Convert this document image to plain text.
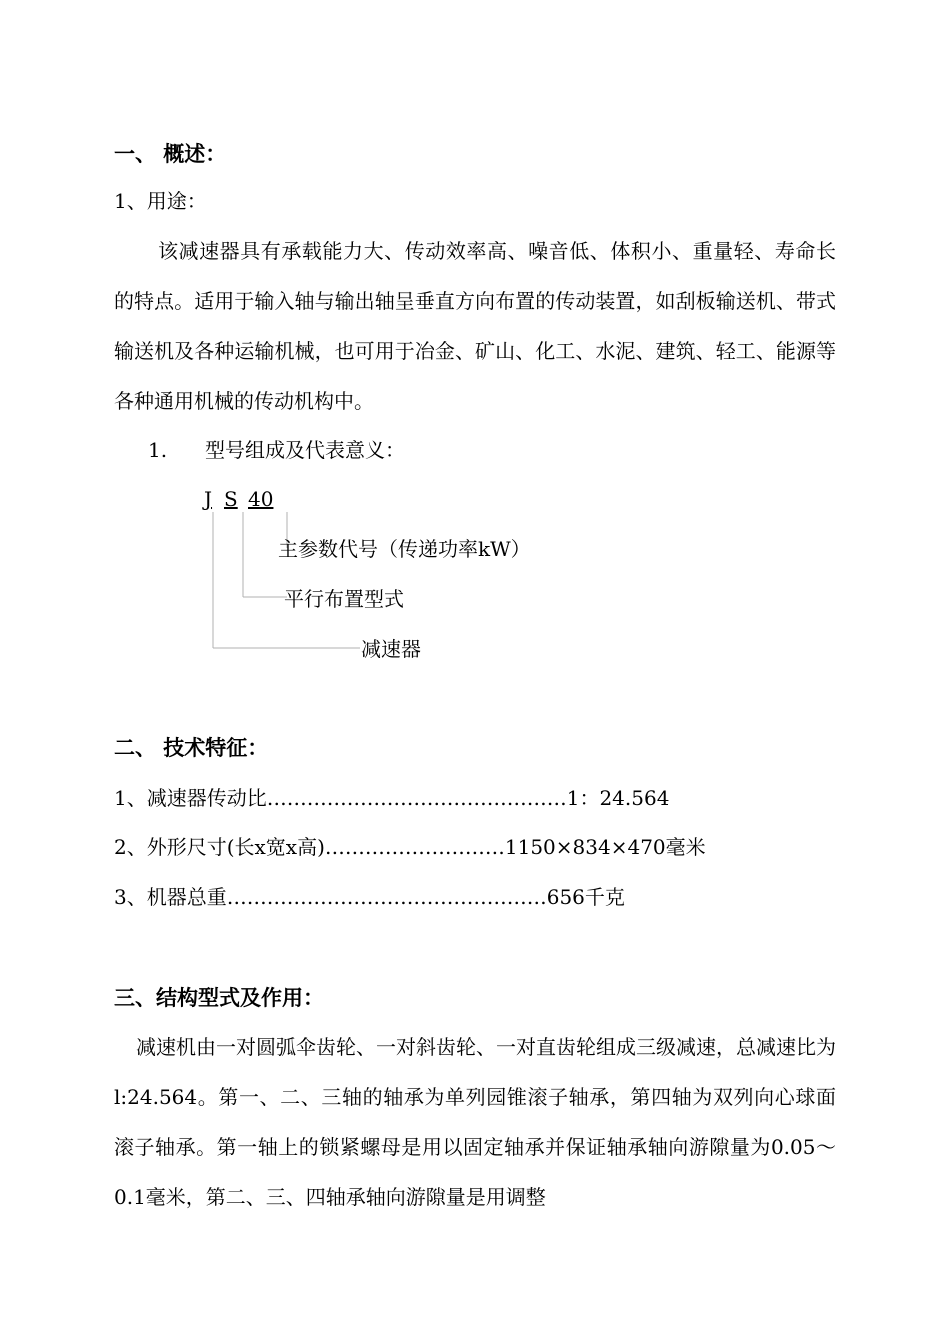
一、 概述：
1、用途：
该减速器具有承载能力大、传动效率高、噪音低、体积小、重量轻、寿命长的特点。适用于输入轴与输出轴呈垂直方向布置的传动装置，如刮板输送机、带式输送机及各种运输机械，也可用于冶金、矿山、化工、水泥、建筑、轻工、能源等各种通用机械的传动机构中。
1. 型号组成及代表意义：
J S 40
主参数代号（传递功率kW）
平行布置型式
减速器
二、 技术特征：
1、减速器传动比………………………………………1：24.564
2、外形尺寸(长x宽x高)………………………1150×834×470毫米
3、机器总重…………………………………………656千克
三、结构型式及作用：
减速机由一对圆弧伞齿轮、一对斜齿轮、一对直齿轮组成三级减速，总减速比为l:24.564。第一、二、三轴的轴承为单列园锥滚子轴承，第四轴为双列向心球面滚子轴承。第一轴上的锁紧螺母是用以固定轴承并保证轴承轴向游隙量为0.05～0.1毫米，第二、三、四轴承轴向游隙量是用调整
